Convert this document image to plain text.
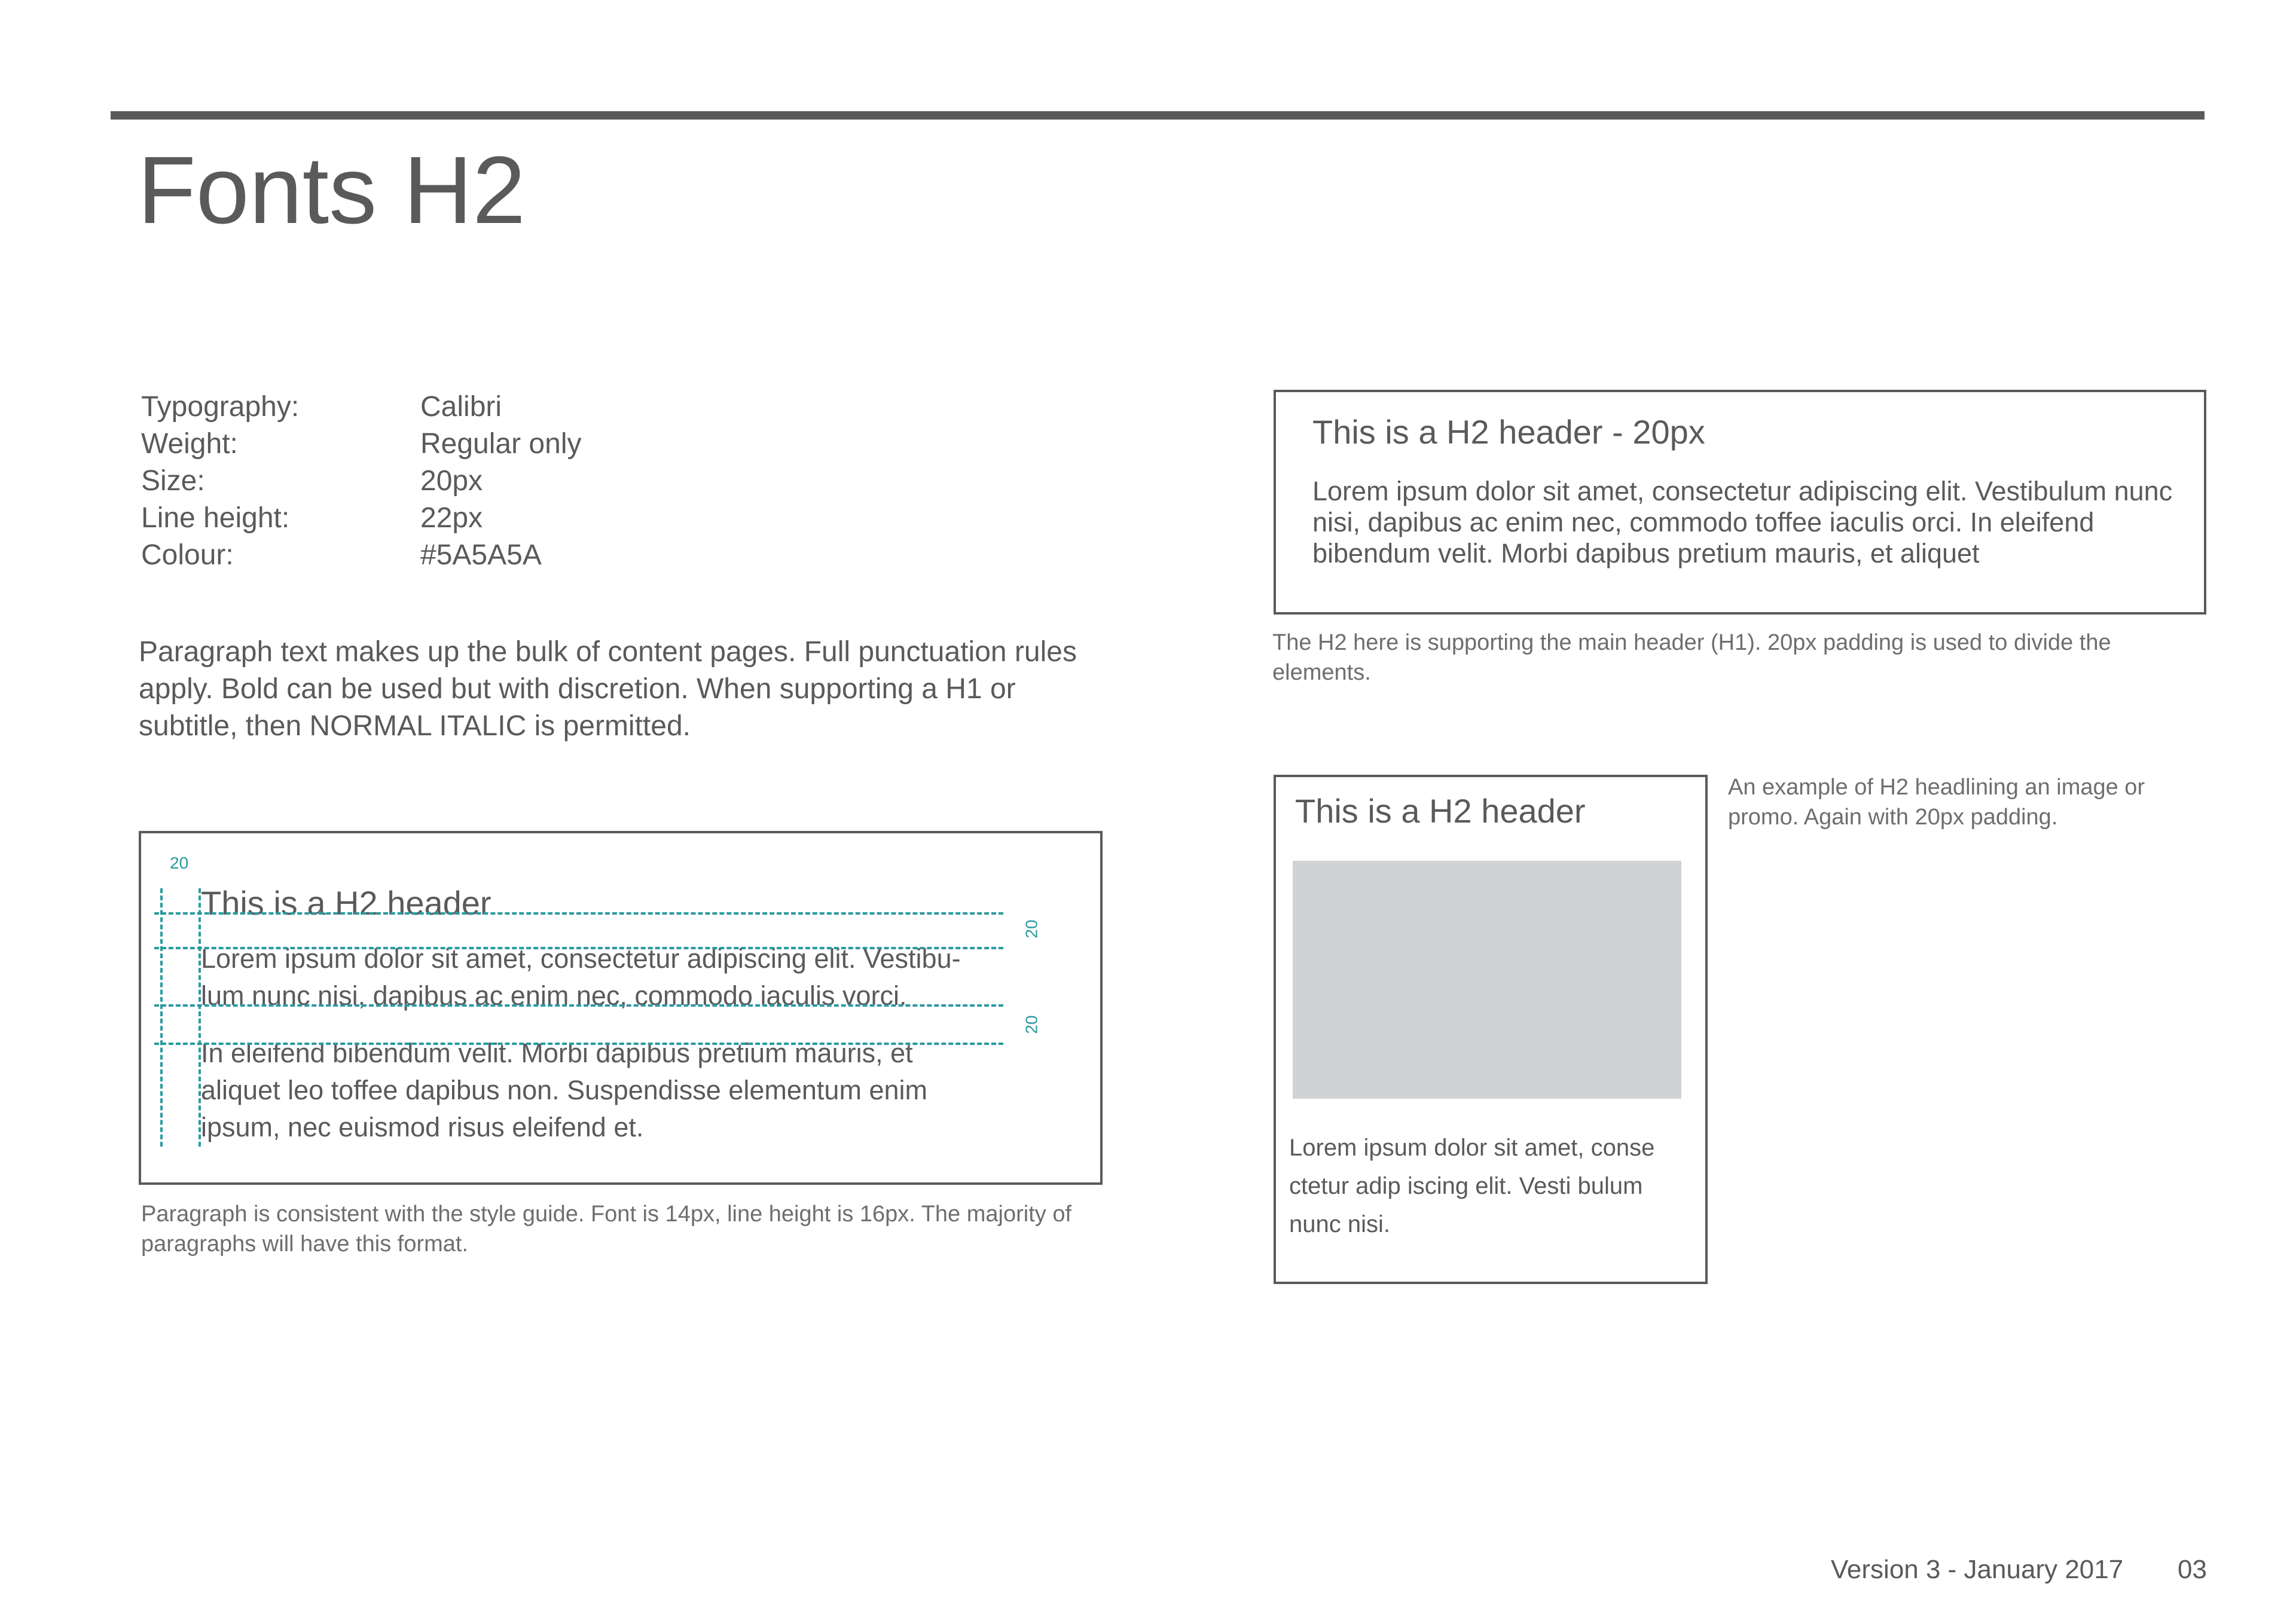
Fonts H2
Typography:	Calibri
Weight:	Regular only
Size:	20px
Line height:	22px
Colour:	#5A5A5A
Paragraph text makes up the bulk of content pages. Full punctuation rules apply. Bold can be used but with discretion. When supporting a H1 or subtitle, then NORMAL ITALIC is permitted.
20
This is a H2 header
Lorem ipsum dolor sit amet, consectetur adipiscing elit. Vestibu-
lum nunc nisi, dapibus ac enim nec, commodo iaculis vorci.
In eleifend bibendum velit. Morbi dapibus pretium mauris, et
aliquet leo toffee dapibus non. Suspendisse elementum enim
ipsum, nec euismod risus eleifend et.
20
20
Paragraph is consistent with the style guide. Font is 14px, line height is 16px. The majority of paragraphs will have this format.
This is a H2 header - 20px
Lorem ipsum dolor sit amet, consectetur adipiscing elit. Vestibulum nunc nisi, dapibus ac enim nec, commodo toffee iaculis orci. In eleifend bibendum velit. Morbi dapibus pretium mauris, et aliquet
The H2 here is supporting the main header (H1). 20px padding is used to divide the elements.
This is a H2 header
Lorem ipsum dolor sit amet, conse ctetur adip iscing elit. Vesti bulum nunc nisi.
An example of H2 headlining an image or promo. Again with 20px padding.
Version 3 - January 2017 03
